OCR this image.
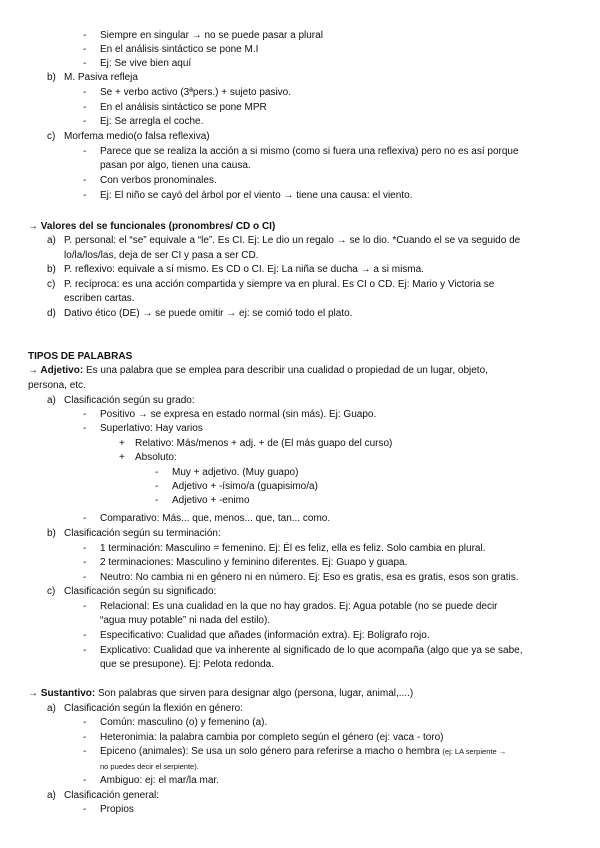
- Siempre en singular → no se puede pasar a plural
- En el análisis sintáctico se pone M.I
- Ej: Se vive bien aquí
b) M. Pasiva refleja
- Se + verbo activo (3ªpers.) + sujeto pasivo.
- En el análisis sintáctico se pone MPR
- Ej: Se arregla el coche.
c) Morfema medio(o falsa reflexiva)
- Parece que se realiza la acción a si mismo (como si fuera una reflexiva) pero no es así porque
pasan por algo, tienen una causa.
- Con verbos pronominales.
- Ej: El niño se cayó del árbol por el viento → tiene una causa: el viento.
→ Valores del se funcionales (pronombres/ CD o CI)
a) P. personal: el “se” equivale a “le”. Es CI. Ej: Le dio un regalo → se lo dio. *Cuando el se va seguido de
lo/la/los/las, deja de ser CI y pasa a ser CD.
b) P. reflexivo: equivale a sí mismo. Es CD o CI. Ej: La niña se ducha → a si misma.
c) P. recíproca: es una acción compartida y siempre va en plural. Es CI o CD. Ej: Mario y Victoria se
escriben cartas.
d) Dativo ético (DE) → se puede omitir → ej: se comió todo el plato.
TIPOS DE PALABRAS
→ Adjetivo: Es una palabra que se emplea para describir una cualidad o propiedad de un lugar, objeto,
persona, etc.
a) Clasificación según su grado:
- Positivo → se expresa en estado normal (sin más). Ej: Guapo.
- Superlativo: Hay varios
+ Relativo: Más/menos + adj. + de (El más guapo del curso)
+ Absoluto:
- Muy + adjetivo. (Muy guapo)
- Adjetivo + -ísimo/a (guapisimo/a)
- Adjetivo + -enimo
- Comparativo: Más... que, menos... que, tan... como.
b) Clasificación según su terminación:
- 1 terminación: Masculino = femenino. Ej: Él es feliz, ella es feliz. Solo cambia en plural.
- 2 terminaciones: Masculino y feminino diferentes. Ej: Guapo y guapa.
- Neutro: No cambia ni en género ni en número. Ej: Eso es gratis, esa es gratis, esos son gratis.
c) Clasificación según su significado:
- Relacional: Es una cualidad en la que no hay grados. Ej: Agua potable (no se puede decir
“agua muy potable” ni nada del estilo).
- Especificativo: Cualidad que añades (información extra). Ej: Bolígrafo rojo.
- Explicativo: Cualidad que va inherente al significado de lo que acompaña (algo que ya se sabe,
que se presupone). Ej: Pelota redonda.
→ Sustantivo: Son palabras que sirven para designar algo (persona, lugar, animal,....)
a) Clasificación según la flexión en género:
- Común: masculino (o) y femenino (a).
- Heteronimia: la palabra cambia por completo según el género (ej: vaca - toro)
- Epiceno (animales): Se usa un solo género para referirse a macho o hembra (ej: LA serpiente →
no puedes decir el serpiente).
- Ambiguo: ej: el mar/la mar.
a) Clasificación general:
- Propios
